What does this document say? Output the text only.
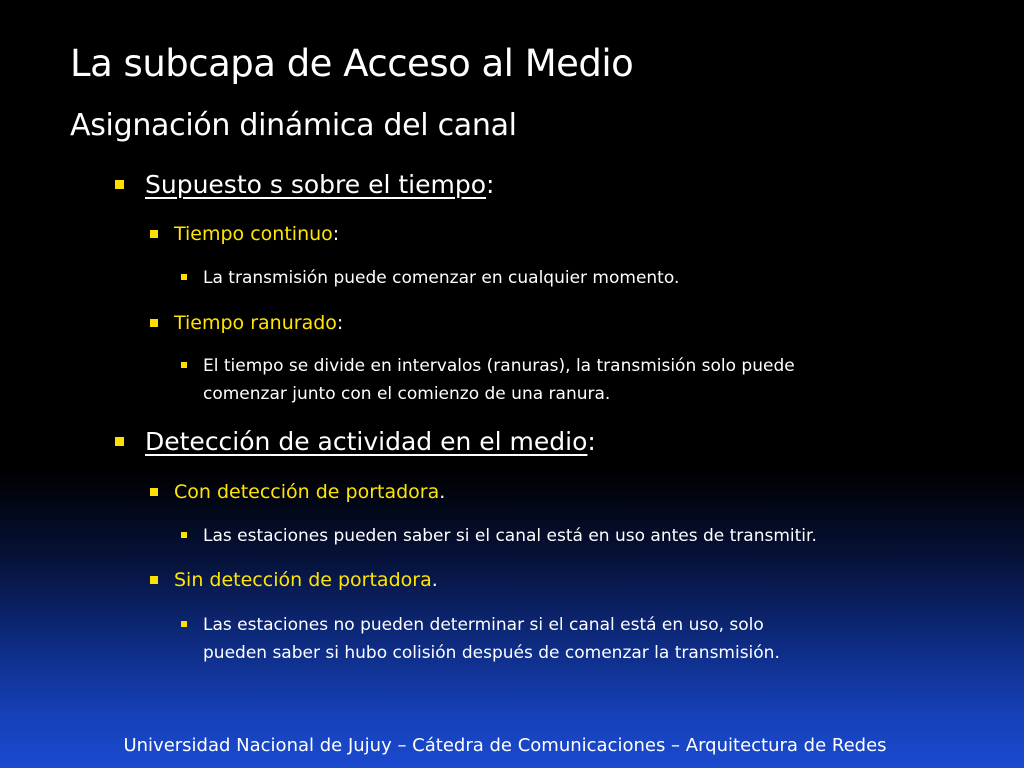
La subcapa de Acceso al Medio
Asignación dinámica del canal
Supuesto s sobre el tiempo:
Tiempo continuo:
La transmisión puede comenzar en cualquier momento.
Tiempo ranurado:
El tiempo se divide en intervalos (ranuras), la transmisión solo puede
comenzar junto con el comienzo de una ranura.
Detección de actividad en el medio:
Con detección de portadora.
Las estaciones pueden saber si el canal está en uso antes de transmitir.
Sin detección de portadora.
Las estaciones no pueden determinar si el canal está en uso, solo
pueden saber si hubo colisión después de comenzar la transmisión.
Universidad Nacional de Jujuy – Cátedra de Comunicaciones – Arquitectura de Redes
